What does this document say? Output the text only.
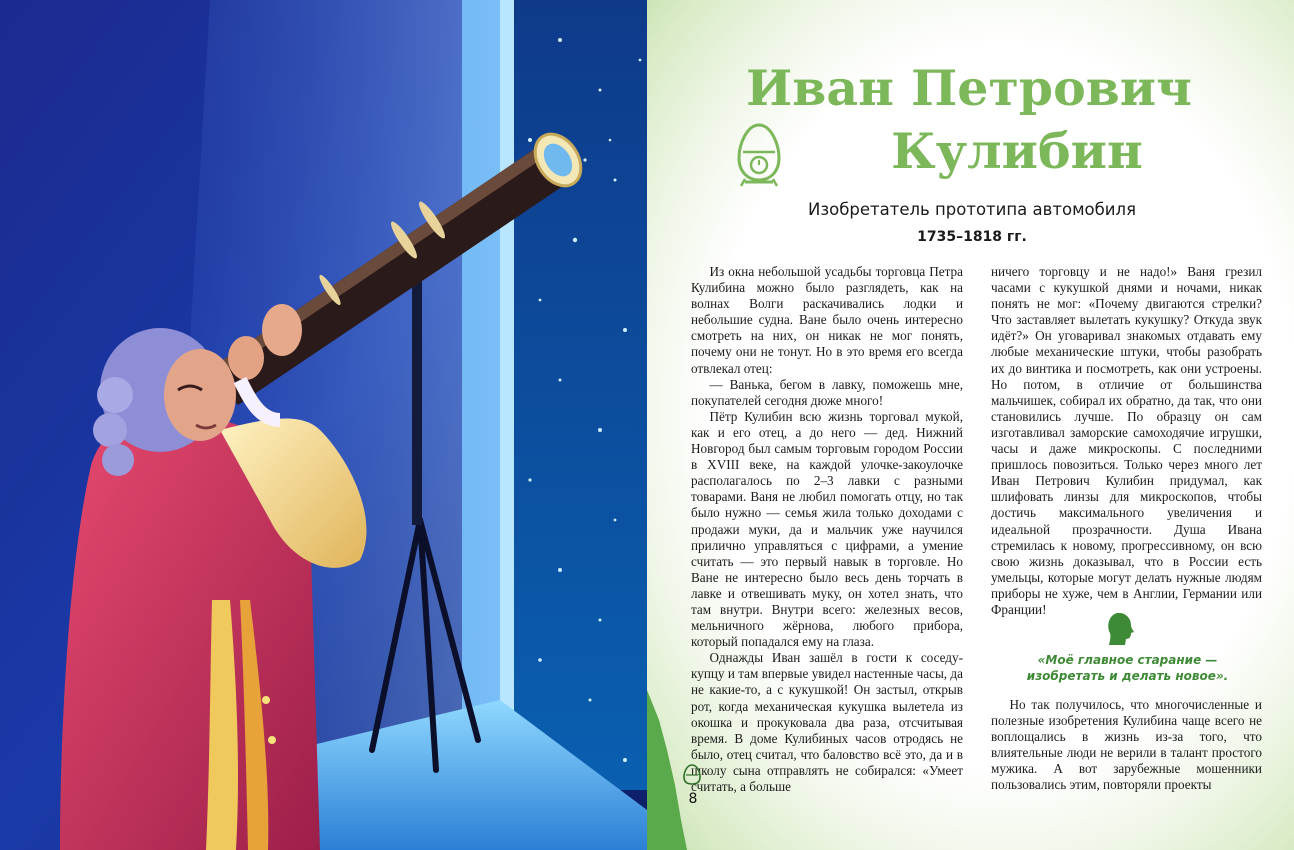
Иван Петрович
Кулибин
Изобретатель прототипа автомобиля
1735–1818 гг.

Из окна небольшой усадьбы торговца Петра Кулибина можно было разглядеть, как на волнах Волги раскачивались лодки и небольшие судна. Ване было очень интересно смотреть на них, он никак не мог понять, почему они не тонут. Но в это время его всегда отвлекал отец:

— Ванька, бегом в лавку, поможешь мне, покупателей сегодня дюже много!

Пётр Кулибин всю жизнь торговал мукой, как и его отец, а до него — дед. Нижний Новгород был самым торговым городом России в XVIII веке, на каждой улочке-закоулочке располагалось по 2–3 лавки с разными товарами. Ваня не любил помогать отцу, но так было нужно — семья жила только доходами с продажи муки, да и мальчик уже научился прилично управляться с цифрами, а умение считать — это первый навык в торговле. Но Ване не интересно было весь день торчать в лавке и отвешивать муку, он хотел знать, что там внутри. Внутри всего: железных весов, мельничного жёрнова, любого прибора, который попадался ему на глаза.

Однажды Иван зашёл в гости к соседу-купцу и там впервые увидел настенные часы, да не какие-то, а с кукушкой! Он застыл, открыв рот, когда механическая кукушка вылетела из окошка и прокуковала два раза, отсчитывая время. В доме Кулибиных часов отродясь не было, отец считал, что баловство всё это, да и в школу сына отправлять не собирался: «Умеет считать, а больше

ничего торговцу и не надо!» Ваня грезил часами с кукушкой днями и ночами, никак понять не мог: «Почему двигаются стрелки? Что заставляет вылетать кукушку? Откуда звук идёт?» Он уговаривал знакомых отдавать ему любые механические штуки, чтобы разобрать их до винтика и посмотреть, как они устроены. Но потом, в отличие от большинства мальчишек, собирал их обратно, да так, что они становились лучше. По образцу он сам изготавливал заморские самоходячие игрушки, часы и даже микроскопы. С последними пришлось повозиться. Только через много лет Иван Петрович Кулибин придумал, как шлифовать линзы для микроскопов, чтобы достичь максимального увеличения и идеальной прозрачности. Душа Ивана стремилась к новому, прогрессивному, он всю свою жизнь доказывал, что в России есть умельцы, которые могут делать нужные людям приборы не хуже, чем в Англии, Германии или Франции!

«Моё главное старание —
изобретать и делать новое».

Но так получилось, что многочисленные и полезные изобретения Кулибина чаще всего не воплощались в жизнь из-за того, что влиятельные люди не верили в талант простого мужика. А вот зарубежные мошенники пользовались этим, повторяли проекты

8
